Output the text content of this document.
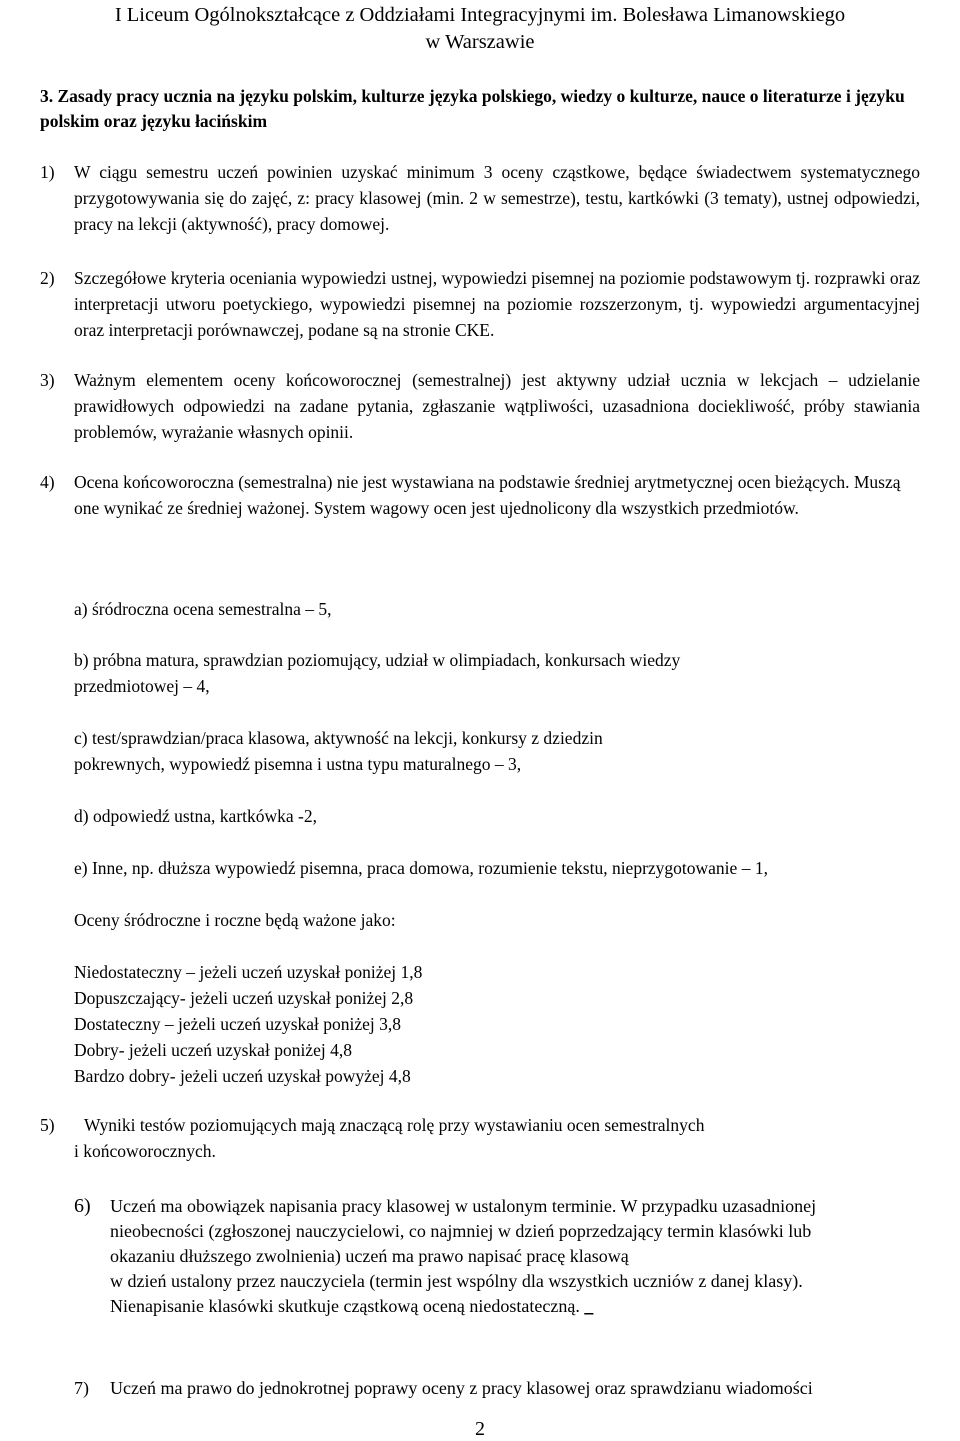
I Liceum Ogólnokształcące z Oddziałami Integracyjnymi im. Bolesława Limanowskiego
w Warszawie
3. Zasady pracy ucznia na języku polskim, kulturze języka polskiego, wiedzy o kulturze, nauce o literaturze i języku polskim oraz języku łacińskim
1)	W ciągu semestru uczeń powinien uzyskać minimum 3 oceny cząstkowe, będące świadectwem systematycznego przygotowywania się do zajęć, z: pracy klasowej (min. 2 w semestrze), testu, kartkówki (3 tematy), ustnej odpowiedzi, pracy na lekcji (aktywność), pracy domowej.
2)	Szczegółowe kryteria oceniania wypowiedzi ustnej, wypowiedzi pisemnej na poziomie podstawowym tj. rozprawki oraz interpretacji utworu poetyckiego, wypowiedzi pisemnej na poziomie rozszerzonym, tj. wypowiedzi argumentacyjnej oraz interpretacji porównawczej, podane są na stronie CKE.
3)	Ważnym elementem oceny końcoworocznej (semestralnej) jest aktywny udział ucznia w lekcjach – udzielanie prawidłowych odpowiedzi na zadane pytania, zgłaszanie wątpliwości, uzasadniona dociekliwość, próby stawiania problemów, wyrażanie własnych opinii.
4)	Ocena końcoworoczna (semestralna) nie jest wystawiana na podstawie średniej arytmetycznej ocen bieżących. Muszą one wynikać ze średniej ważonej. System wagowy ocen jest ujednolicony dla wszystkich przedmiotów.
a) śródroczna ocena semestralna – 5,
b) próbna matura, sprawdzian poziomujący, udział w olimpiadach, konkursach wiedzy
przedmiotowej – 4,
c) test/sprawdzian/praca klasowa, aktywność na lekcji, konkursy z dziedzin
pokrewnych, wypowiedź pisemna i ustna typu maturalnego – 3,
d) odpowiedź ustna, kartkówka -2,
e) Inne, np. dłuższa wypowiedź pisemna, praca domowa, rozumienie tekstu, nieprzygotowanie – 1,
Oceny śródroczne i roczne będą ważone jako:
Niedostateczny – jeżeli uczeń uzyskał poniżej 1,8
Dopuszczający- jeżeli uczeń uzyskał poniżej 2,8
Dostateczny – jeżeli uczeń uzyskał poniżej 3,8
Dobry- jeżeli uczeń uzyskał poniżej 4,8
Bardzo dobry- jeżeli uczeń uzyskał powyżej 4,8
5)	Wyniki testów poziomujących mają znaczącą rolę przy wystawianiu ocen semestralnych
i końcoworocznych.
6)	Uczeń ma obowiązek napisania pracy klasowej w ustalonym terminie. W przypadku uzasadnionej
nieobecności (zgłoszonej nauczycielowi, co najmniej w dzień poprzedzający termin klasówki lub
okazaniu dłuższego zwolnienia) uczeń ma prawo napisać pracę klasową
w dzień ustalony przez nauczyciela (termin jest wspólny dla wszystkich uczniów z danej klasy).
Nienapisanie klasówki skutkuje cząstkową oceną niedostateczną. _
7)	Uczeń ma prawo do jednokrotnej poprawy oceny z pracy klasowej oraz sprawdzianu wiadomości
2
